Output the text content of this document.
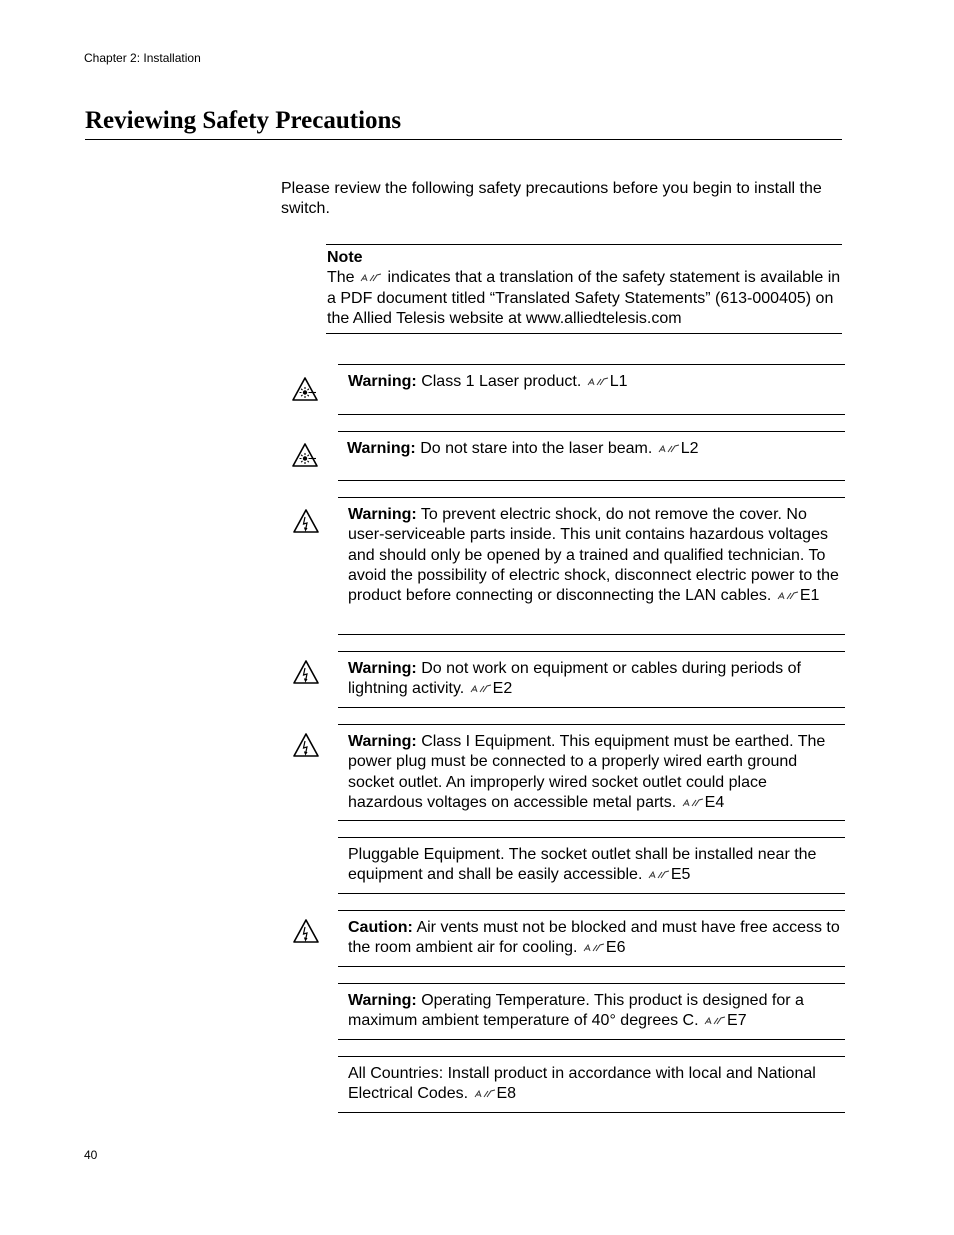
Chapter 2: Installation
Reviewing Safety Precautions
Please review the following safety precautions before you begin to install the switch.
Note
The indicates that a translation of the safety statement is available in a PDF document titled “Translated Safety Statements” (613-000405) on the Allied Telesis website at www.alliedtelesis.com
Warning: Class 1 Laser product. L1
Warning: Do not stare into the laser beam. L2
Warning: To prevent electric shock, do not remove the cover. No user-serviceable parts inside. This unit contains hazardous voltages and should only be opened by a trained and qualified technician. To avoid the possibility of electric shock, disconnect electric power to the product before connecting or disconnecting the LAN cables. E1
Warning: Do not work on equipment or cables during periods of lightning activity. E2
Warning: Class I Equipment. This equipment must be earthed. The power plug must be connected to a properly wired earth ground socket outlet. An improperly wired socket outlet could place hazardous voltages on accessible metal parts. E4
Pluggable Equipment. The socket outlet shall be installed near the equipment and shall be easily accessible. E5
Caution: Air vents must not be blocked and must have free access to the room ambient air for cooling. E6
Warning: Operating Temperature. This product is designed for a maximum ambient temperature of 40° degrees C. E7
All Countries: Install product in accordance with local and National Electrical Codes. E8
40
